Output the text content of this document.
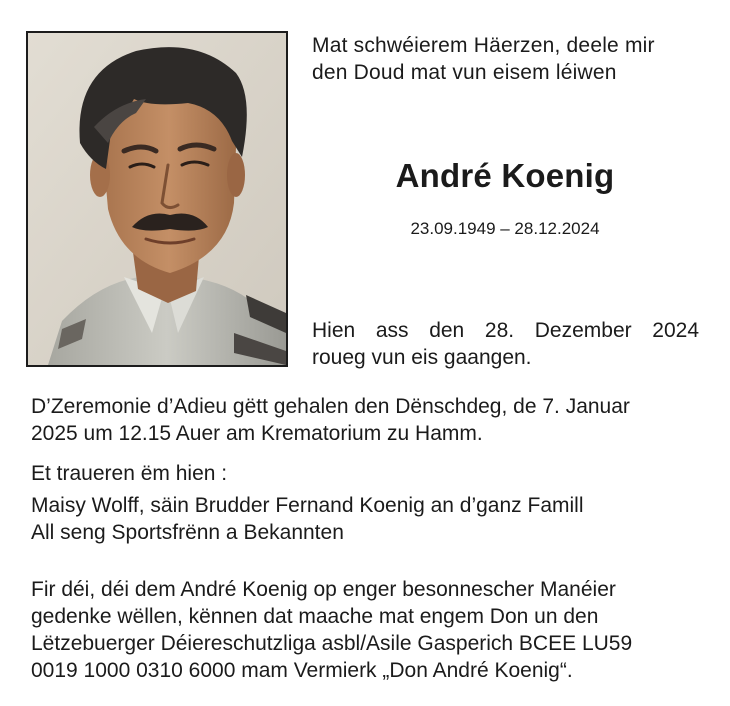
Mat schwéierem Häerzen, deele mir
den Doud mat vun eisem léiwen
André Koenig
23.09.1949 – 28.12.2024
Hien ass den 28. Dezember 2024
roueg vun eis gaangen.
D’Zeremonie d’Adieu gëtt gehalen den Dënschdeg, de 7. Januar
2025 um 12.15 Auer am Krematorium zu Hamm.
Et traueren ëm hien :
Maisy Wolff, säin Brudder Fernand Koenig an d’ganz Famill
All seng Sportsfrënn a Bekannten
Fir déi, déi dem André Koenig op enger besonnescher Manéier
gedenke wëllen, kënnen dat maache mat engem Don un den
Lëtzebuerger Déiereschutzliga asbl/Asile Gasperich BCEE LU59
0019 1000 0310 6000 mam Vermierk „Don André Koenig“.
